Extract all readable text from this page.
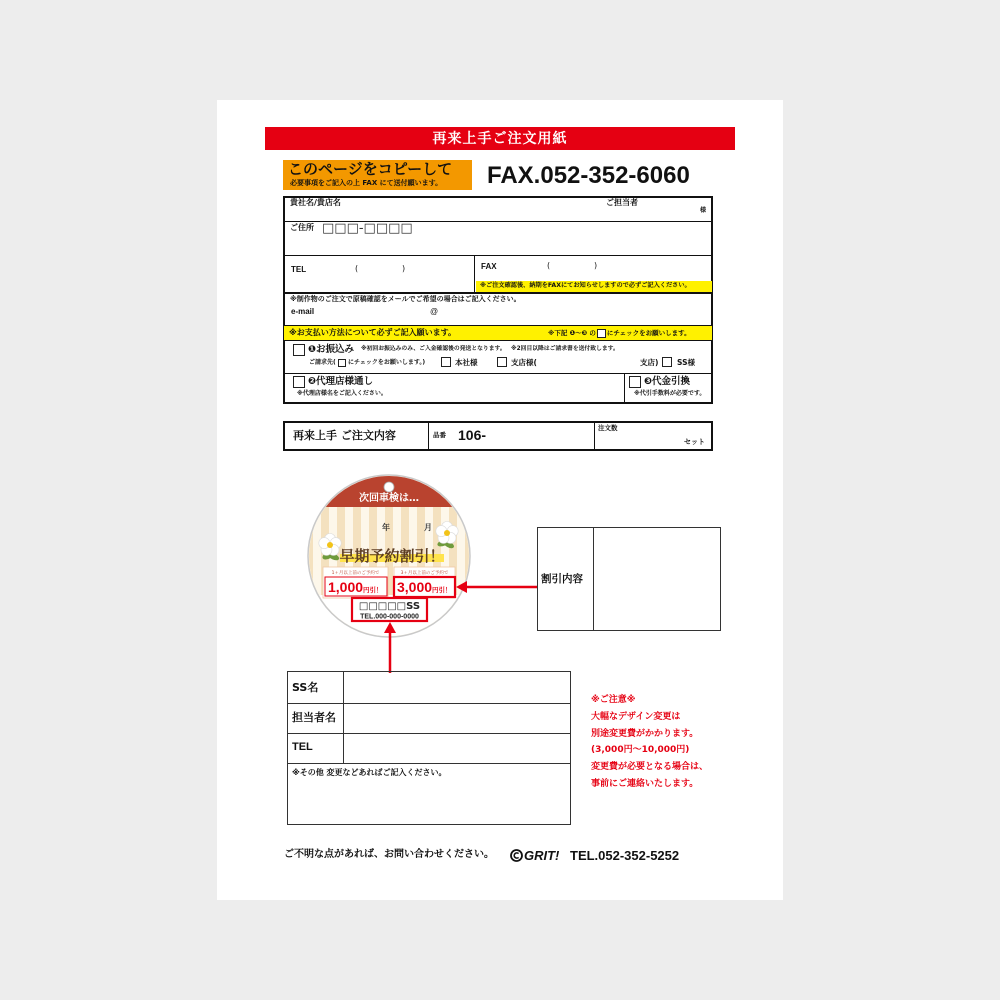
再来上手ご注文用紙
このページをコピーして
必要事項をご記入の上 FAX にて送付願います。 FAX.052-352-6060
貴社名/貴店名	ご担当者
様
ご住所 □□□-□□□□
TEL	(	)	FAX	(	)
※ご注文確認後、納期をFAXにてお知らせしますので必ずご記入ください。
※制作物のご注文で原稿確認をメールでご希望の場合はご記入ください。
e-mail	@
※お支払い方法について必ずご記入願います。	※下記 ❶～❸ の にチェックをお願いします。
❶お振込み ※初回お振込みのみ、ご入金確認後の発送となります。 ※2回目以降はご請求書を送付致します。
ご請求先( にチェックをお願いします。)	本社様	支店様(	支店) SS様
❷代理店様通し
※代理店様名をご記入ください。
❸代金引換
※代引手数料が必要です。
再来上手 ご注文内容	品番 106-	注文数
セット
次回車検は…
年	月
早期予約割引！
1ヶ月以上前のご予約で
1,000円引！
3ヶ月以上前のご予約で
3,000円引！
□□□□□SS
TEL.000-000-0000
割引内容
SS名
担当者名
TEL
※その他 変更などあればご記入ください。
※ご注意※
大幅なデザイン変更は
別途変更費がかかります。
(3,000円～10,000円)
変更費が必要となる場合は、
事前にご連絡いたします。
ご不明な点があれば、お問い合わせください。 GRIT! TEL.052-352-5252
